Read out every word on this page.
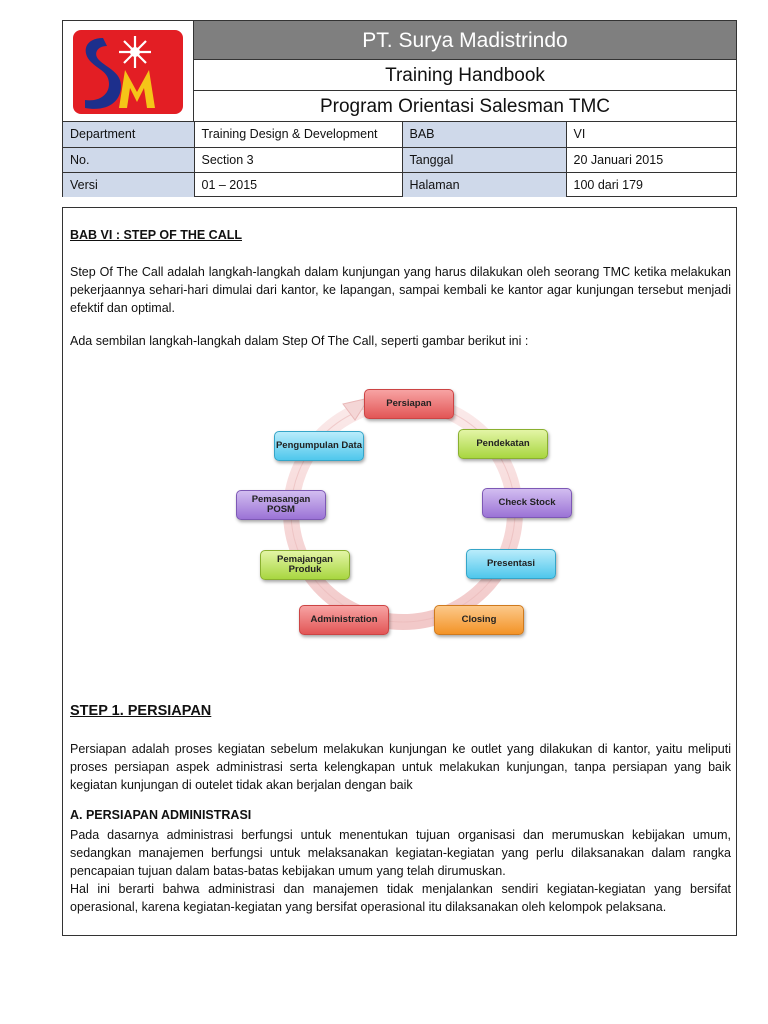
PT. Surya Madistrindo
Training Handbook
Program Orientasi Salesman TMC
Department	Training Design & Development	BAB	VI
No.	Section 3	Tanggal	20 Januari 2015
Versi	01 – 2015	Halaman	100 dari 179
BAB VI : STEP OF THE CALL

Step Of The Call adalah langkah-langkah dalam kunjungan yang harus dilakukan oleh seorang TMC ketika melakukan pekerjaannya sehari-hari dimulai dari kantor, ke lapangan, sampai kembali ke kantor agar kunjungan tersebut menjadi efektif dan optimal.

Ada sembilan langkah-langkah dalam Step Of The Call, seperti gambar berikut ini :

Persiapan
Pendekatan
Check Stock
Presentasi
Closing
Administration
Pemajangan Produk
Pemasangan POSM
Pengumpulan Data
STEP 1. PERSIAPAN

Persiapan adalah proses kegiatan sebelum melakukan kunjungan ke outlet yang dilakukan di kantor, yaitu meliputi proses persiapan aspek administrasi serta kelengkapan untuk melakukan kunjungan, tanpa persiapan yang baik kegiatan kunjungan di outelet tidak akan berjalan dengan baik

A. PERSIAPAN ADMINISTRASI

Pada dasarnya administrasi berfungsi untuk menentukan tujuan organisasi dan merumuskan kebijakan umum, sedangkan manajemen berfungsi untuk melaksanakan kegiatan-kegiatan yang perlu dilaksanakan dalam rangka pencapaian tujuan dalam batas-batas kebijakan umum yang telah dirumuskan.

Hal ini berarti bahwa administrasi dan manajemen tidak menjalankan sendiri kegiatan-kegiatan yang bersifat operasional, karena kegiatan-kegiatan yang bersifat operasional itu dilaksanakan oleh kelompok pelaksana.
